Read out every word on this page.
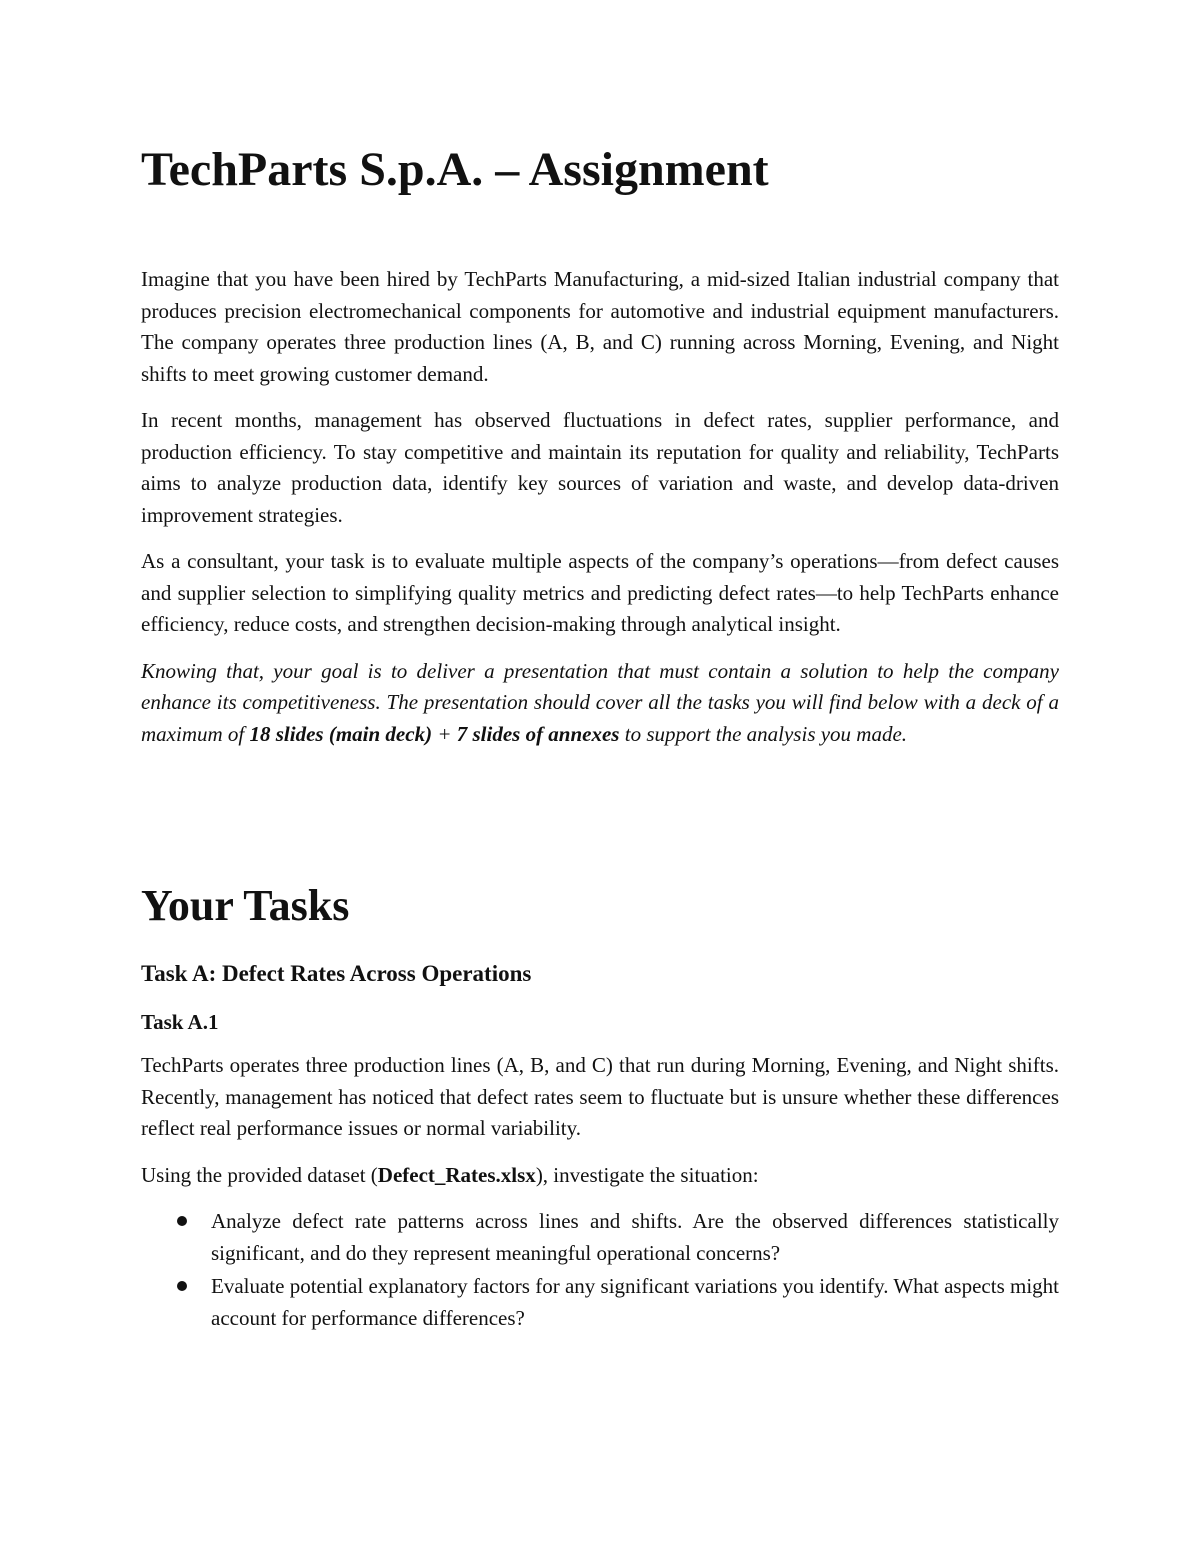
TechParts S.p.A. – Assignment

Imagine that you have been hired by TechParts Manufacturing, a mid-sized Italian industrial company that produces precision electromechanical components for automotive and industrial equipment manufacturers. The company operates three production lines (A, B, and C) running across Morning, Evening, and Night shifts to meet growing customer demand.

In recent months, management has observed fluctuations in defect rates, supplier performance, and production efficiency. To stay competitive and maintain its reputation for quality and reliability, TechParts aims to analyze production data, identify key sources of variation and waste, and develop data-driven improvement strategies.

As a consultant, your task is to evaluate multiple aspects of the company’s operations—from defect causes and supplier selection to simplifying quality metrics and predicting defect rates—to help TechParts enhance efficiency, reduce costs, and strengthen decision-making through analytical insight.

Knowing that, your goal is to deliver a presentation that must contain a solution to help the company enhance its competitiveness. The presentation should cover all the tasks you will find below with a deck of a maximum of 18 slides (main deck) + 7 slides of annexes to support the analysis you made.

Your Tasks
Task A: Defect Rates Across Operations
Task A.1

TechParts operates three production lines (A, B, and C) that run during Morning, Evening, and Night shifts. Recently, management has noticed that defect rates seem to fluctuate but is unsure whether these differences reflect real performance issues or normal variability.

Using the provided dataset (Defect_Rates.xlsx), investigate the situation:

Analyze defect rate patterns across lines and shifts. Are the observed differences statistically significant, and do they represent meaningful operational concerns?
Evaluate potential explanatory factors for any significant variations you identify. What aspects might account for performance differences?
